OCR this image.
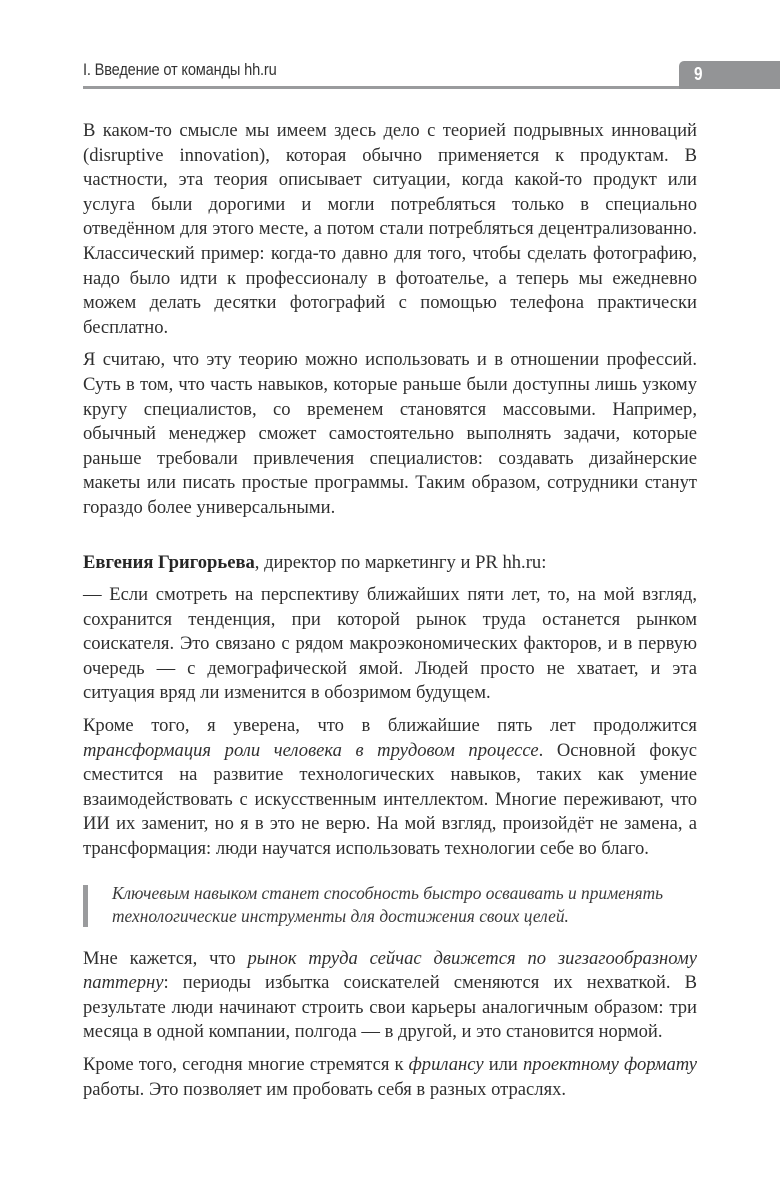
I. Введение от команды hh.ru	9

В каком-то смысле мы имеем здесь дело с теорией подрывных инноваций (disruptive innovation), которая обычно применяется к продуктам. В частности, эта теория описывает ситуации, когда какой-то продукт или услуга были дорогими и могли потребляться только в специально отведённом для этого месте, а потом стали потребляться децентрализованно. Классический пример: когда-то давно для того, чтобы сделать фотографию, надо было идти к профессионалу в фотоателье, а теперь мы ежедневно можем делать десятки фотографий с помощью телефона практически бесплатно.

Я считаю, что эту теорию можно использовать и в отношении профессий. Суть в том, что часть навыков, которые раньше были доступны лишь узкому кругу специалистов, со временем становятся массовыми. Например, обычный менеджер сможет самостоятельно выполнять задачи, которые раньше требовали привлечения специалистов: создавать дизайнерские макеты или писать простые программы. Таким образом, сотрудники станут гораздо более универсальными.

Евгения Григорьева, директор по маркетингу и PR hh.ru:

— Если смотреть на перспективу ближайших пяти лет, то, на мой взгляд, сохранится тенденция, при которой рынок труда останется рынком соискателя. Это связано с рядом макроэкономических факторов, и в первую очередь — с демографической ямой. Людей просто не хватает, и эта ситуация вряд ли изменится в обозримом будущем.

Кроме того, я уверена, что в ближайшие пять лет продолжится трансформация роли человека в трудовом процессе. Основной фокус сместится на развитие технологических навыков, таких как умение взаимодействовать с искусственным интеллектом. Многие переживают, что ИИ их заменит, но я в это не верю. На мой взгляд, произойдёт не замена, а трансформация: люди научатся использовать технологии себе во благо.

Ключевым навыком станет способность быстро осваивать и применять технологические инструменты для достижения своих целей.

Мне кажется, что рынок труда сейчас движется по зигзагообразному паттерну: периоды избытка соискателей сменяются их нехваткой. В результате люди начинают строить свои карьеры аналогичным образом: три месяца в одной компании, полгода — в другой, и это становится нормой.

Кроме того, сегодня многие стремятся к фрилансу или проектному формату работы. Это позволяет им пробовать себя в разных отраслях.
